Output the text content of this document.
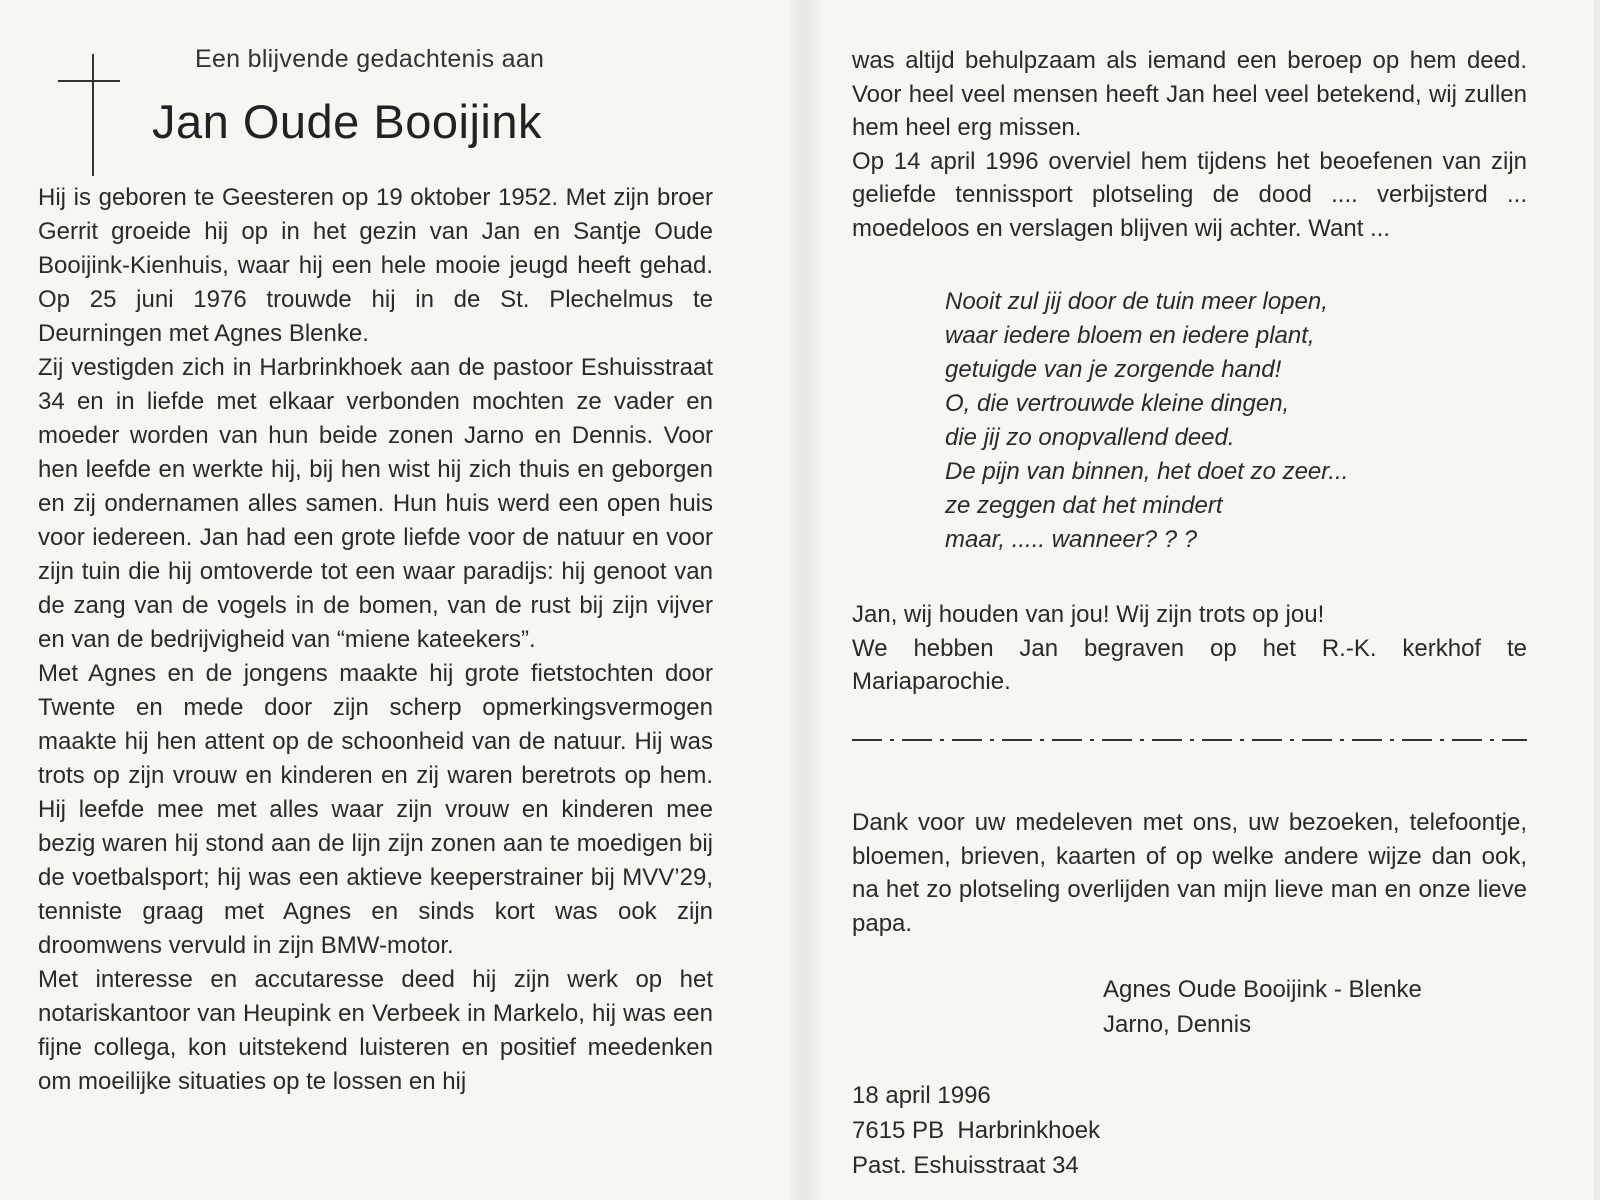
Een blijvende gedachtenis aan
Jan Oude Booijink

Hij is geboren te Geesteren op 19 oktober 1952. Met zijn broer Gerrit groeide hij op in het gezin van Jan en Santje Oude Booijink-Kienhuis, waar hij een hele mooie jeugd heeft gehad. Op 25 juni 1976 trouwde hij in de St. Plechelmus te Deurningen met Agnes Blenke.

Zij vestigden zich in Harbrinkhoek aan de pastoor Eshuisstraat 34 en in liefde met elkaar verbonden mochten ze vader en moeder worden van hun beide zonen Jarno en Dennis. Voor hen leefde en werkte hij, bij hen wist hij zich thuis en geborgen en zij ondernamen alles samen. Hun huis werd een open huis voor iedereen. Jan had een grote liefde voor de natuur en voor zijn tuin die hij omtoverde tot een waar paradijs: hij genoot van de zang van de vogels in de bomen, van de rust bij zijn vijver en van de bedrijvigheid van “miene kateekers”.

Met Agnes en de jongens maakte hij grote fietstochten door Twente en mede door zijn scherp opmerkingsvermogen maakte hij hen attent op de schoonheid van de natuur. Hij was trots op zijn vrouw en kinderen en zij waren beretrots op hem. Hij leefde mee met alles waar zijn vrouw en kinderen mee bezig waren hij stond aan de lijn zijn zonen aan te moedigen bij de voetbalsport; hij was een aktieve keeperstrainer bij MVV’29, tenniste graag met Agnes en sinds kort was ook zijn droomwens vervuld in zijn BMW-motor.

Met interesse en accutaresse deed hij zijn werk op het notariskantoor van Heupink en Verbeek in Markelo, hij was een fijne collega, kon uitstekend luisteren en positief meedenken om moeilijke situaties op te lossen en hij

was altijd behulpzaam als iemand een beroep op hem deed. Voor heel veel mensen heeft Jan heel veel betekend, wij zullen hem heel erg missen.

Op 14 april 1996 overviel hem tijdens het beoefenen van zijn geliefde tennissport plotseling de dood .... verbijsterd ... moedeloos en verslagen blijven wij achter. Want ...

Nooit zul jij door de tuin meer lopen,
waar iedere bloem en iedere plant,
getuigde van je zorgende hand!
O, die vertrouwde kleine dingen,
die jij zo onopvallend deed.
De pijn van binnen, het doet zo zeer...
ze zeggen dat het mindert
maar, ..... wanneer? ? ?

Jan, wij houden van jou! Wij zijn trots op jou!

We hebben Jan begraven op het R.-K. kerkhof te Mariaparochie.

Dank voor uw medeleven met ons, uw bezoeken, telefoontje, bloemen, brieven, kaarten of op welke andere wijze dan ook, na het zo plotseling overlijden van mijn lieve man en onze lieve papa.
Agnes Oude Booijink - Blenke
Jarno, Dennis
18 april 1996
7615 PB  Harbrinkhoek
Past. Eshuisstraat 34
